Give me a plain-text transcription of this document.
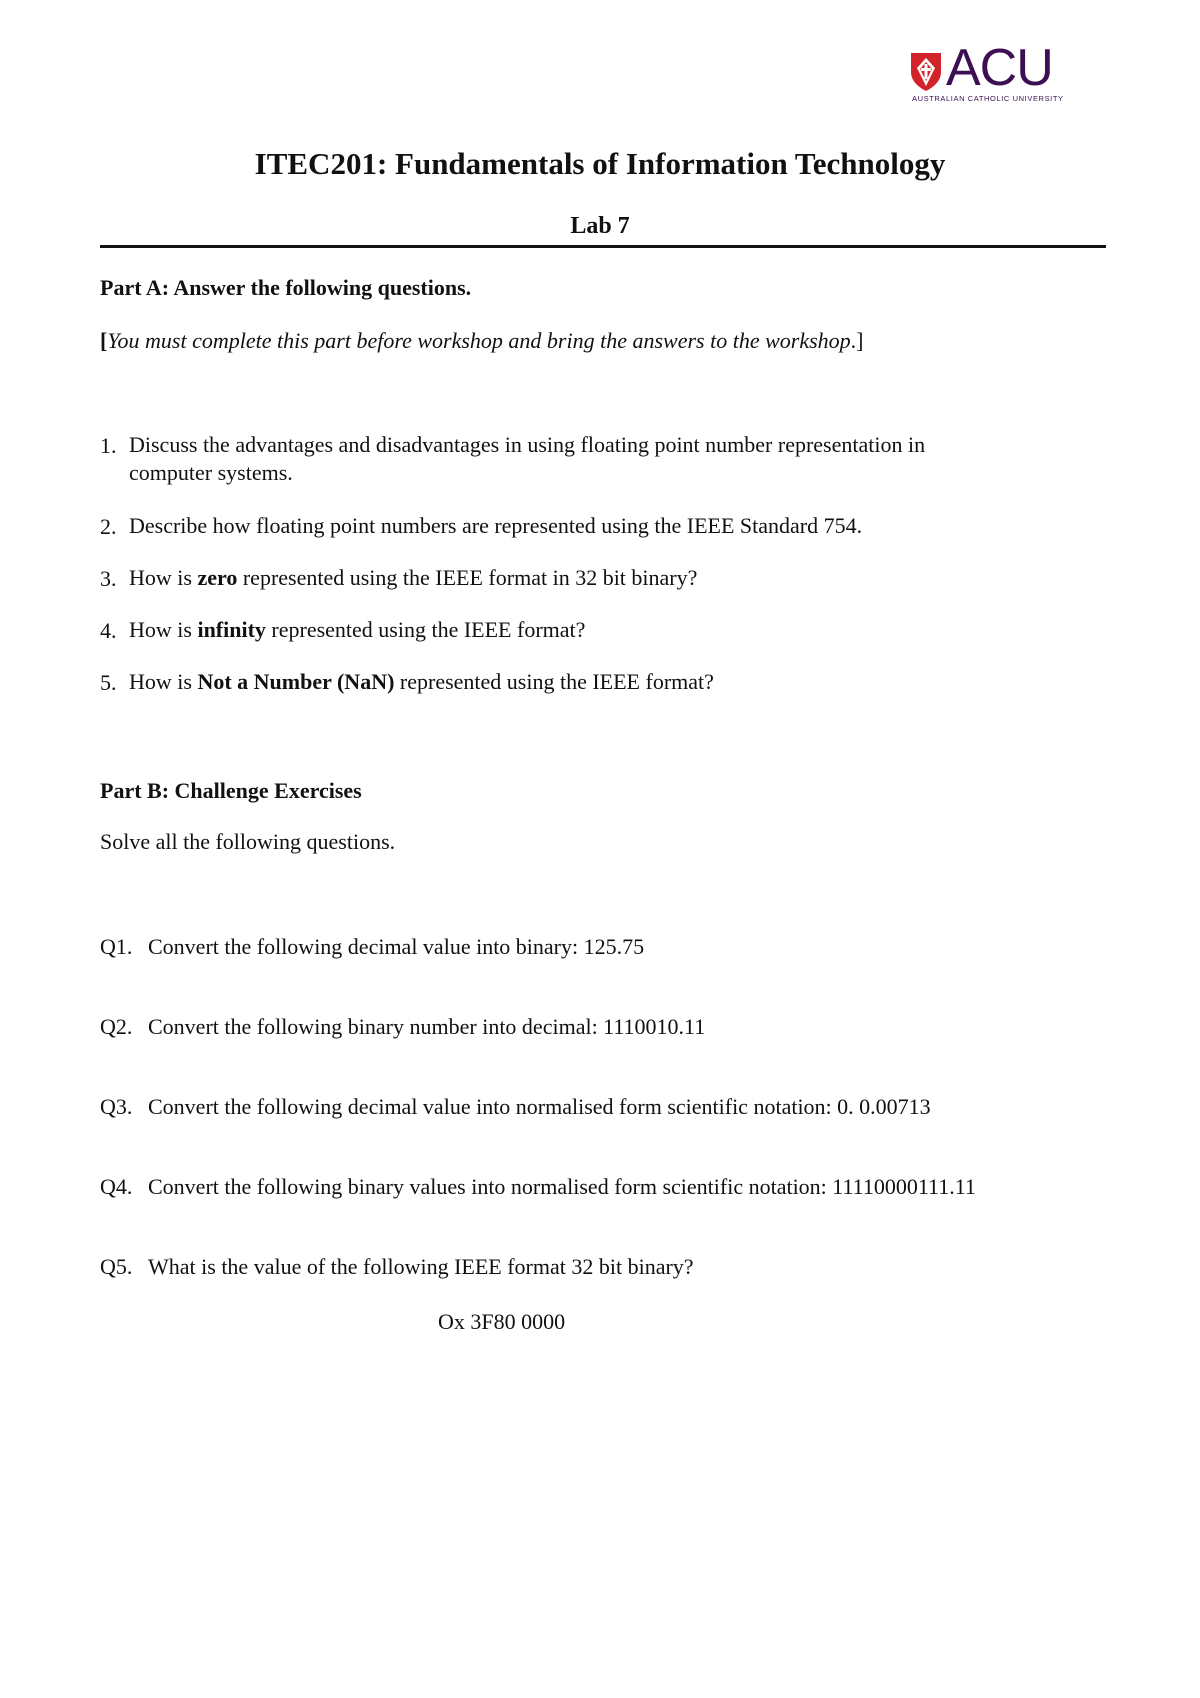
ACU
AUSTRALIAN CATHOLIC UNIVERSITY
ITEC201: Fundamentals of Information Technology
Lab 7

Part A: Answer the following questions.

[You must complete this part before workshop and bring the answers to the workshop.]

1. Discuss the advantages and disadvantages in using floating point number representation in
computer systems.
2. Describe how floating point numbers are represented using the IEEE Standard 754.
3. How is zero represented using the IEEE format in 32 bit binary?
4. How is infinity represented using the IEEE format?
5. How is Not a Number (NaN) represented using the IEEE format?

Part B: Challenge Exercises

Solve all the following questions.

Q1. Convert the following decimal value into binary: 125.75
Q2. Convert the following binary number into decimal: 1110010.11
Q3. Convert the following decimal value into normalised form scientific notation: 0. 0.00713
Q4. Convert the following binary values into normalised form scientific notation: 11110000111.11
Q5. What is the value of the following IEEE format 32 bit binary?
Ox 3F80 0000
